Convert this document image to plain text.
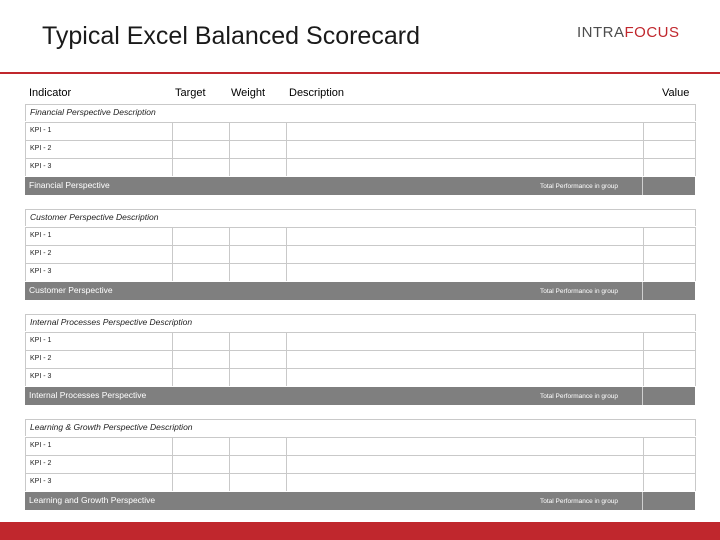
Typical Excel Balanced Scorecard	INTRAFOCUS
Indicator	Target Weight Description	Value
Financial Perspective Description
KPI - 1
KPI - 2
KPI - 3
Financial Perspective	Total Performance in group
Customer Perspective Description
KPI - 1
KPI - 2
KPI - 3
Customer Perspective	Total Performance in group
Internal Processes Perspective Description
KPI - 1
KPI - 2
KPI - 3
Internal Processes Perspective	Total Performance in group
Learning & Growth Perspective Description
KPI - 1
KPI - 2
KPI - 3
Learning and Growth Perspective	Total Performance in group
